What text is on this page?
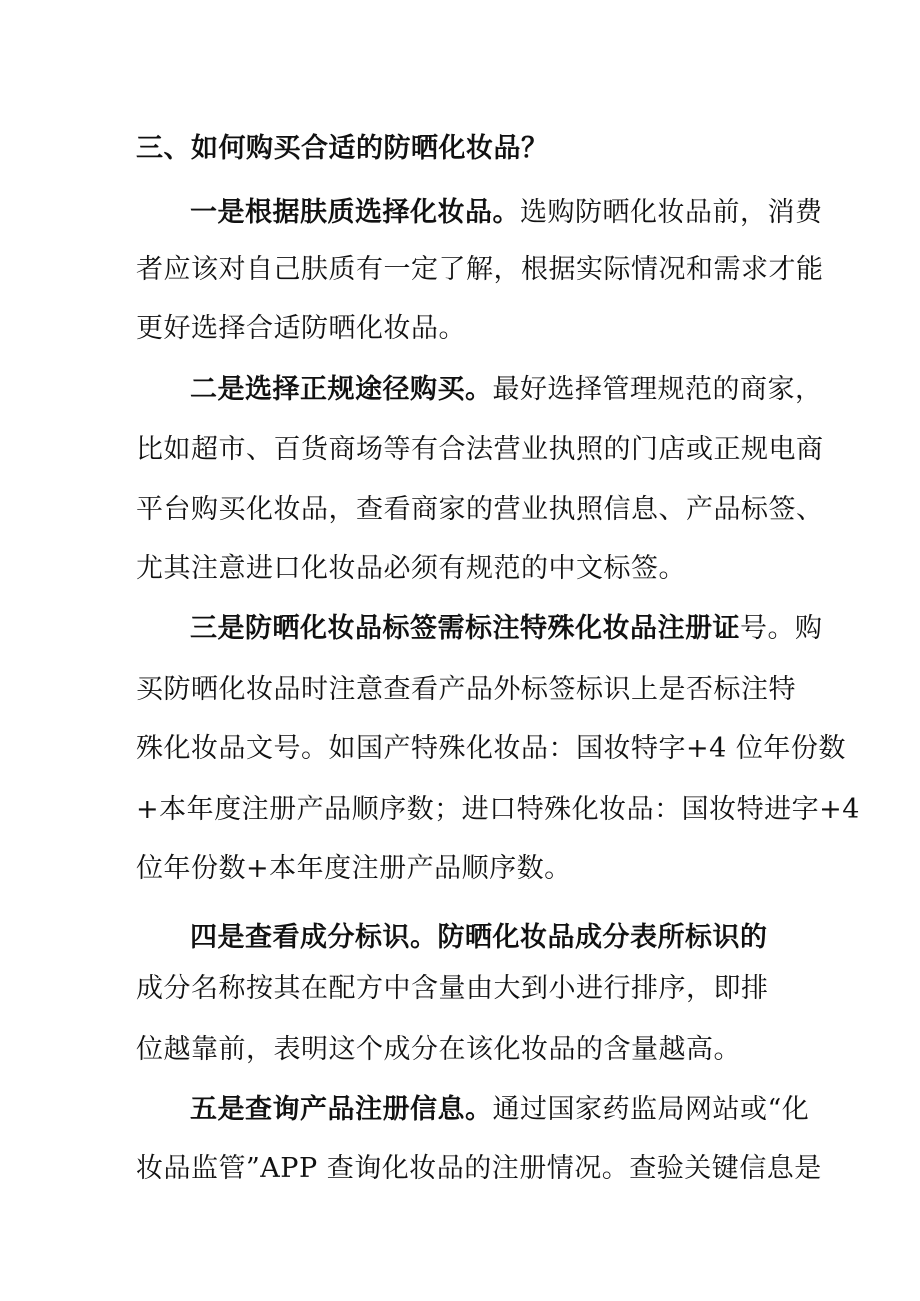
三、如何购买合适的防晒化妆品？
一是根据肤质选择化妆品。选购防晒化妆品前，消费
者应该对自己肤质有一定了解，根据实际情况和需求才能
更好选择合适防晒化妆品。
二是选择正规途径购买。最好选择管理规范的商家，
比如超市、百货商场等有合法营业执照的门店或正规电商
平台购买化妆品，查看商家的营业执照信息、产品标签、
尤其注意进口化妆品必须有规范的中文标签。
三是防晒化妆品标签需标注特殊化妆品注册证号。购
买防晒化妆品时注意查看产品外标签标识上是否标注特
殊化妆品文号。如国产特殊化妆品：国妆特字+4 位年份数
+本年度注册产品顺序数；进口特殊化妆品：国妆特进字+4
位年份数+本年度注册产品顺序数。
四是查看成分标识。防晒化妆品成分表所标识的
成分名称按其在配方中含量由大到小进行排序，即排
位越靠前，表明这个成分在该化妆品的含量越高。
五是查询产品注册信息。通过国家药监局网站或“化
妆品监管”APP 查询化妆品的注册情况。查验关键信息是
